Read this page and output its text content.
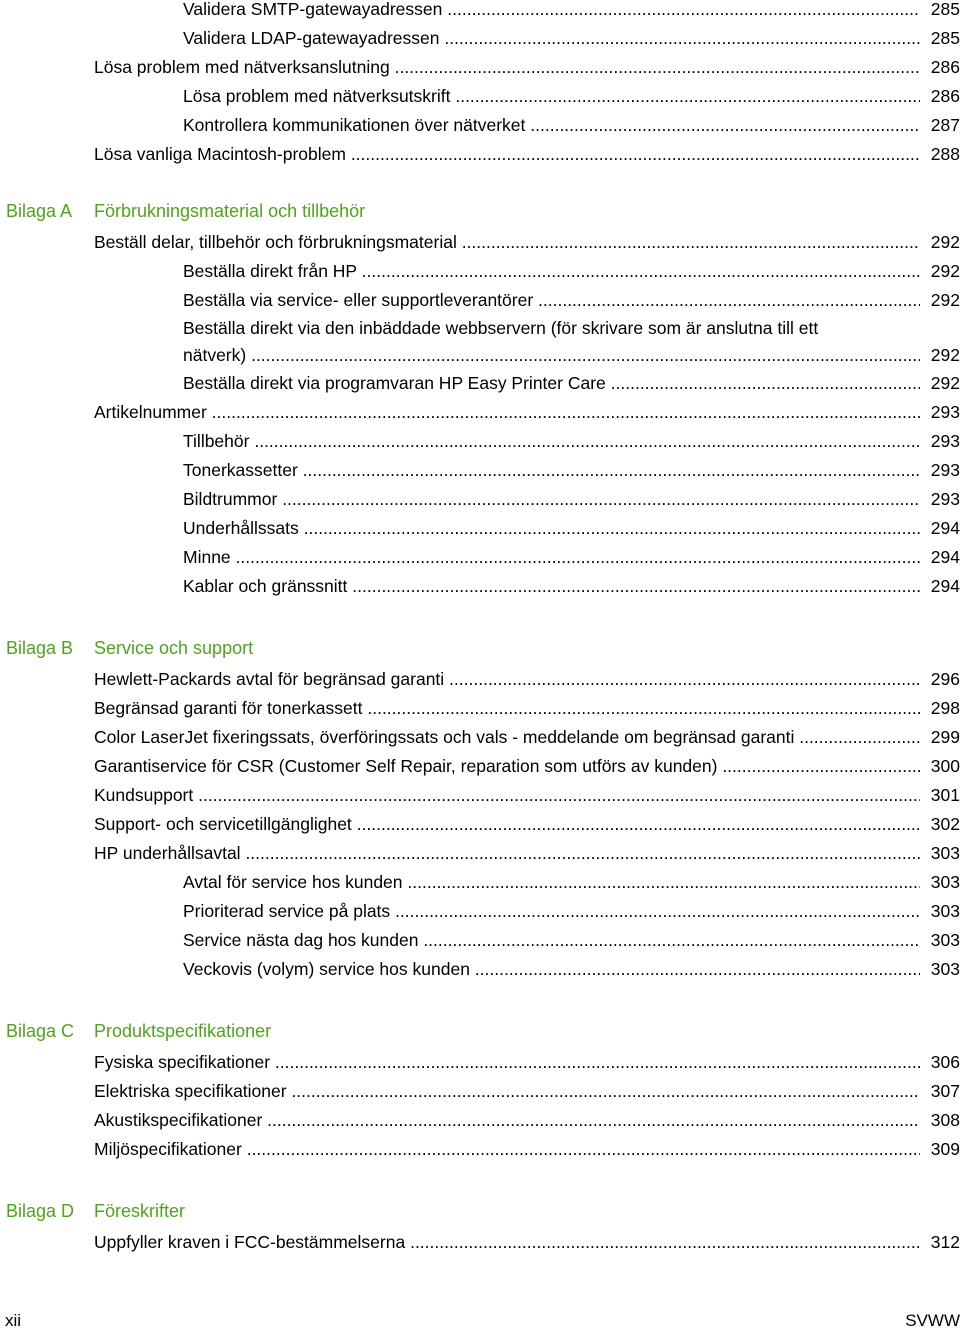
Validera SMTP-gatewayadressen .....	285
Validera LDAP-gatewayadressen .....	285
Lösa problem med nätverksanslutning .....	286
Lösa problem med nätverksutskrift .....	286
Kontrollera kommunikationen över nätverket .....	287
Lösa vanliga Macintosh-problem .....	288
Bilaga A Förbrukningsmaterial och tillbehör
Beställ delar, tillbehör och förbrukningsmaterial .....	292
Beställa direkt från HP .....	292
Beställa via service- eller supportleverantörer .....	292
Beställa direkt via den inbäddade webbservern (för skrivare som är anslutna till ett
nätverk) .....	292
Beställa direkt via programvaran HP Easy Printer Care .....	292
Artikelnummer .....	293
Tillbehör .....	293
Tonerkassetter .....	293
Bildtrummor .....	293
Underhållssats .....	294
Minne .....	294
Kablar och gränssnitt .....	294
Bilaga B Service och support
Hewlett-Packards avtal för begränsad garanti .....	296
Begränsad garanti för tonerkassett .....	298
Color LaserJet fixeringssats, överföringssats och vals - meddelande om begränsad garanti .....	299
Garantiservice för CSR (Customer Self Repair, reparation som utförs av kunden) .....	300
Kundsupport .....	301
Support- och servicetillgänglighet .....	302
HP underhållsavtal .....	303
Avtal för service hos kunden .....	303
Prioriterad service på plats .....	303
Service nästa dag hos kunden .....	303
Veckovis (volym) service hos kunden .....	303
Bilaga C Produktspecifikationer
Fysiska specifikationer .....	306
Elektriska specifikationer .....	307
Akustikspecifikationer .....	308
Miljöspecifikationer .....	309
Bilaga D Föreskrifter
Uppfyller kraven i FCC-bestämmelserna .....	312
xii	SVWW
